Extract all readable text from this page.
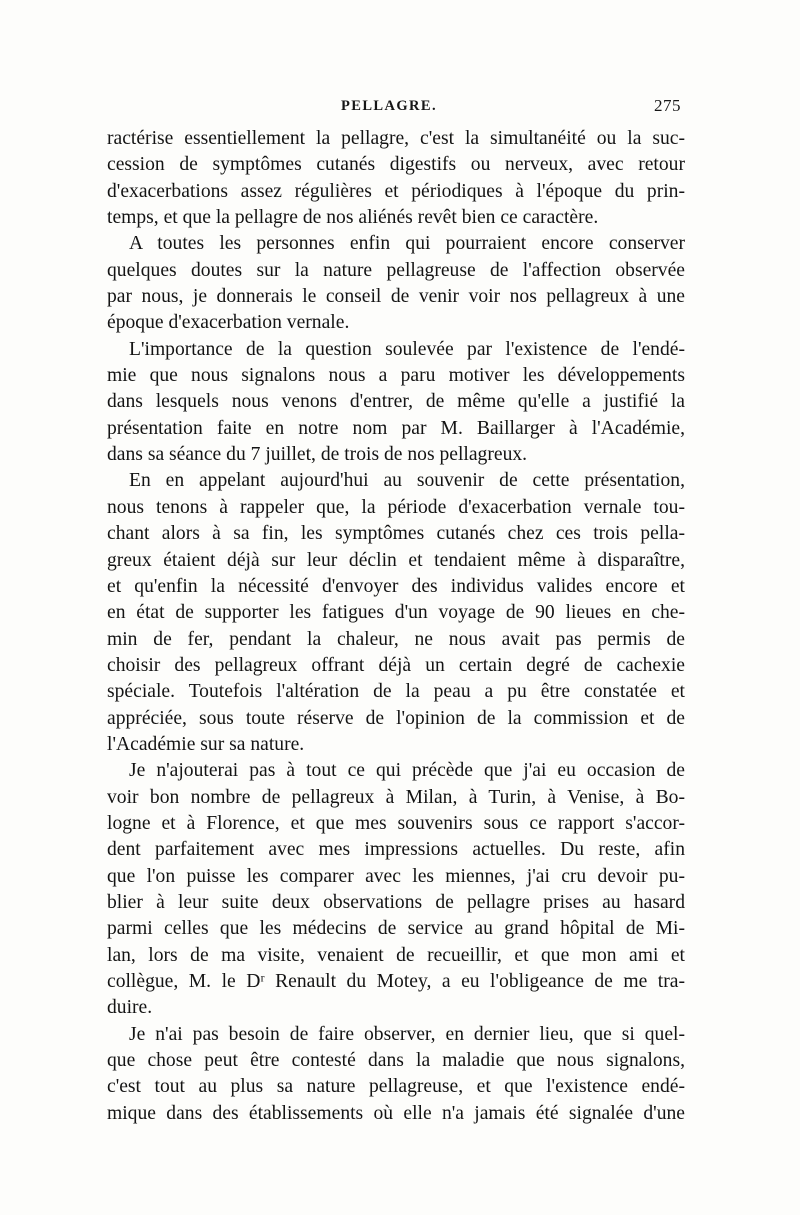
PELLAGRE.	275
ractérise essentiellement la pellagre, c'est la simultanéité ou la suc-
cession de symptômes cutanés digestifs ou nerveux, avec retour
d'exacerbations assez régulières et périodiques à l'époque du prin-
temps, et que la pellagre de nos aliénés revêt bien ce caractère.
A toutes les personnes enfin qui pourraient encore conserver
quelques doutes sur la nature pellagreuse de l'affection observée
par nous, je donnerais le conseil de venir voir nos pellagreux à une
époque d'exacerbation vernale.
L'importance de la question soulevée par l'existence de l'endé-
mie que nous signalons nous a paru motiver les développements
dans lesquels nous venons d'entrer, de même qu'elle a justifié la
présentation faite en notre nom par M. Baillarger à l'Académie,
dans sa séance du 7 juillet, de trois de nos pellagreux.
En en appelant aujourd'hui au souvenir de cette présentation,
nous tenons à rappeler que, la période d'exacerbation vernale tou-
chant alors à sa fin, les symptômes cutanés chez ces trois pella-
greux étaient déjà sur leur déclin et tendaient même à disparaître,
et qu'enfin la nécessité d'envoyer des individus valides encore et
en état de supporter les fatigues d'un voyage de 90 lieues en che-
min de fer, pendant la chaleur, ne nous avait pas permis de
choisir des pellagreux offrant déjà un certain degré de cachexie
spéciale. Toutefois l'altération de la peau a pu être constatée et
appréciée, sous toute réserve de l'opinion de la commission et de
l'Académie sur sa nature.
Je n'ajouterai pas à tout ce qui précède que j'ai eu occasion de
voir bon nombre de pellagreux à Milan, à Turin, à Venise, à Bo-
logne et à Florence, et que mes souvenirs sous ce rapport s'accor-
dent parfaitement avec mes impressions actuelles. Du reste, afin
que l'on puisse les comparer avec les miennes, j'ai cru devoir pu-
blier à leur suite deux observations de pellagre prises au hasard
parmi celles que les médecins de service au grand hôpital de Mi-
lan, lors de ma visite, venaient de recueillir, et que mon ami et
collègue, M. le Dʳ Renault du Motey, a eu l'obligeance de me tra-
duire.
Je n'ai pas besoin de faire observer, en dernier lieu, que si quel-
que chose peut être contesté dans la maladie que nous signalons,
c'est tout au plus sa nature pellagreuse, et que l'existence endé-
mique dans des établissements où elle n'a jamais été signalée d'une
